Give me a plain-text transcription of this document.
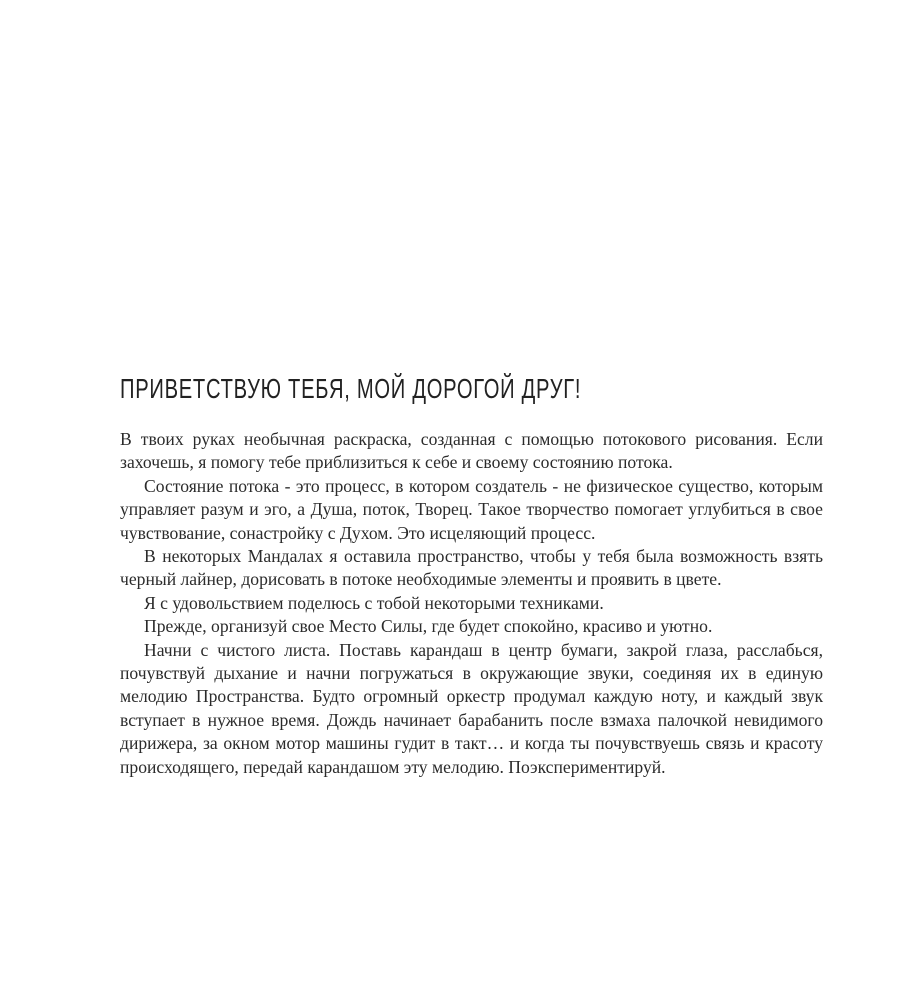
ПРИВЕТСТВУЮ ТЕБЯ, МОЙ ДОРОГОЙ ДРУГ!

В твоих руках необычная раскраска, созданная с помощью потокового рисования. Если захочешь, я помогу тебе приблизиться к себе и своему состоянию потока.

Состояние потока - это процесс, в котором создатель - не физическое существо, которым управляет разум и эго, а Душа, поток, Творец. Такое творчество помогает углубиться в свое чувствование, сонастройку с Духом. Это исцеляющий процесс.

В некоторых Мандалах я оставила пространство, чтобы у тебя была возможность взять черный лайнер, дорисовать в потоке необходимые элементы и проявить в цвете.

Я с удовольствием поделюсь с тобой некоторыми техниками.

Прежде, организуй свое Место Силы, где будет спокойно, красиво и уютно.

Начни с чистого листа. Поставь карандаш в центр бумаги, закрой глаза, расслабься, почувствуй дыхание и начни погружаться в окружающие звуки, соединяя их в единую мелодию Пространства. Будто огромный оркестр продумал каждую ноту, и каждый звук вступает в нужное время. Дождь начинает барабанить после взмаха палочкой невидимого дирижера, за окном мотор машины гудит в такт… и когда ты почувствуешь связь и красоту происходящего, передай карандашом эту мелодию. Поэкспериментируй.
